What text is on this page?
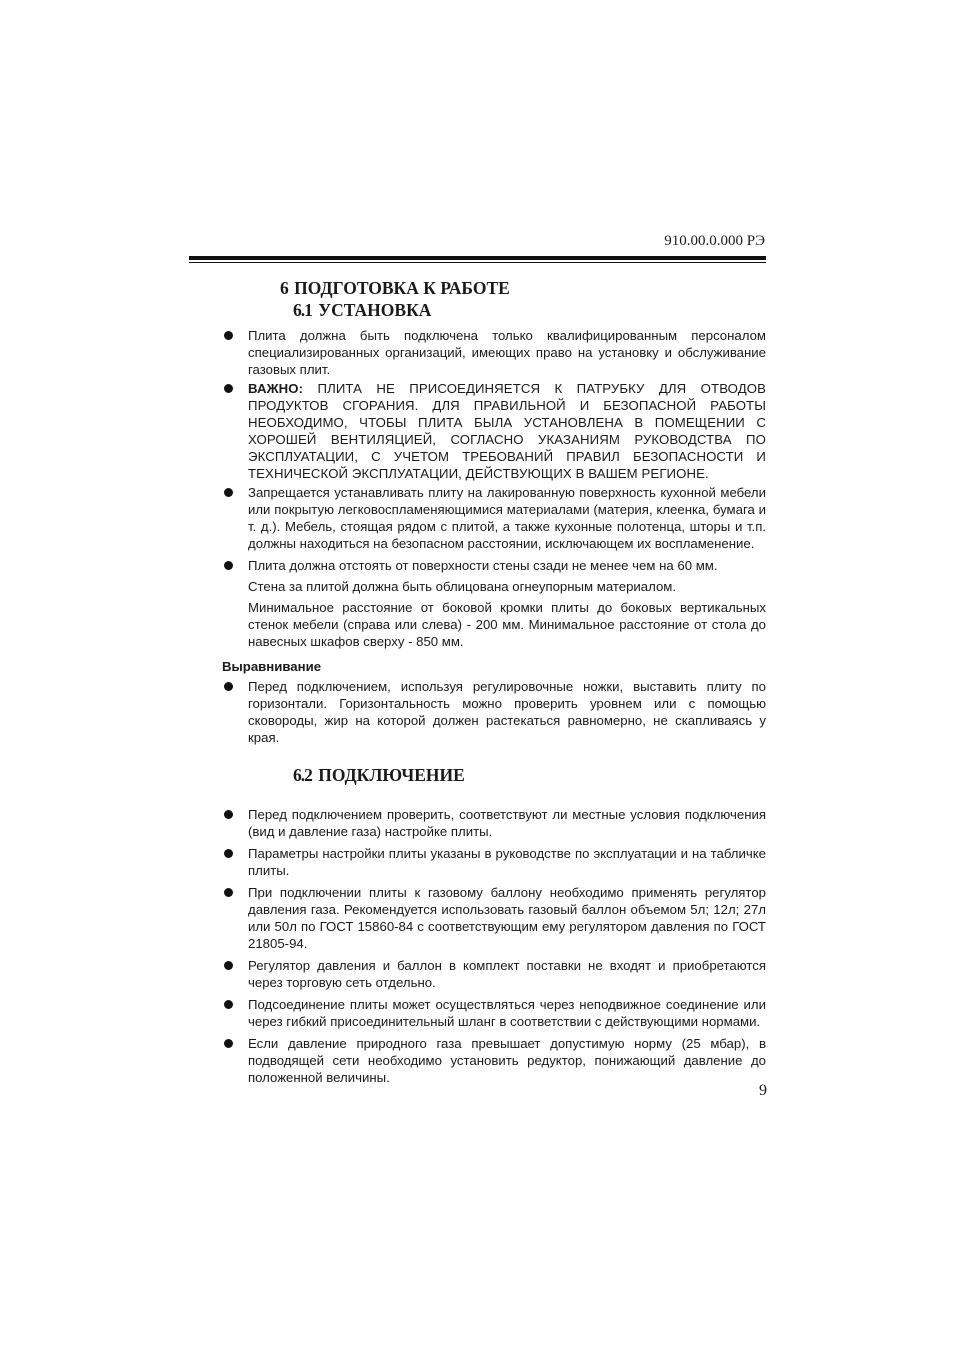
910.00.0.000 РЭ
6 ПОДГОТОВКА К РАБОТЕ
6.1 УСТАНОВКА
Плита должна быть подключена только квалифицированным персоналом специализированных организаций, имеющих право на установку и обслуживание газовых плит.
ВАЖНО: ПЛИТА НЕ ПРИСОЕДИНЯЕТСЯ К ПАТРУБКУ ДЛЯ ОТВОДОВ ПРОДУКТОВ СГОРАНИЯ. ДЛЯ ПРАВИЛЬНОЙ И БЕЗОПАСНОЙ РАБОТЫ НЕОБХОДИМО, ЧТОБЫ ПЛИТА БЫЛА УСТАНОВЛЕНА В ПОМЕЩЕНИИ С ХОРОШЕЙ ВЕНТИЛЯЦИЕЙ, СОГЛАСНО УКАЗАНИЯМ РУКОВОДСТВА ПО ЭКСПЛУАТАЦИИ, С УЧЕТОМ ТРЕБОВАНИЙ ПРАВИЛ БЕЗОПАСНОСТИ И ТЕХНИЧЕСКОЙ ЭКСПЛУАТАЦИИ, ДЕЙСТВУЮЩИХ В ВАШЕМ РЕГИОНЕ.
Запрещается устанавливать плиту на лакированную поверхность кухонной мебели или покрытую легковоспламеняющимися материалами (материя, клеенка, бумага и т. д.). Мебель, стоящая рядом с плитой, а также кухонные полотенца, шторы и т.п. должны находиться на безопасном расстоянии, исключающем их воспламенение.
Плита должна отстоять от поверхности стены сзади не менее чем на 60 мм.

Стена за плитой должна быть облицована огнеупорным материалом.

Минимальное расстояние от боковой кромки плиты до боковых вертикальных стенок мебели (справа или слева) - 200 мм. Минимальное расстояние от стола до навесных шкафов сверху - 850 мм.

Выравнивание
Перед подключением, используя регулировочные ножки, выставить плиту по горизонтали. Горизонтальность можно проверить уровнем или с помощью сковороды, жир на которой должен растекаться равномерно, не скапливаясь у края.
6.2 ПОДКЛЮЧЕНИЕ
Перед подключением проверить, соответствуют ли местные условия подключения (вид и давление газа) настройке плиты.
Параметры настройки плиты указаны в руководстве по эксплуатации и на табличке плиты.
При подключении плиты к газовому баллону необходимо применять регулятор давления газа. Рекомендуется использовать газовый баллон объемом 5л; 12л; 27л или 50л по ГОСТ 15860-84 с соответствующим ему регулятором давления по ГОСТ 21805-94.
Регулятор давления и баллон в комплект поставки не входят и приобретаются через торговую сеть отдельно.
Подсоединение плиты может осуществляться через неподвижное соединение или через гибкий присоединительный шланг в соответствии с действующими нормами.
Если давление природного газа превышает допустимую норму (25 мбар), в подводящей сети необходимо установить редуктор, понижающий давление до положенной величины.
9
